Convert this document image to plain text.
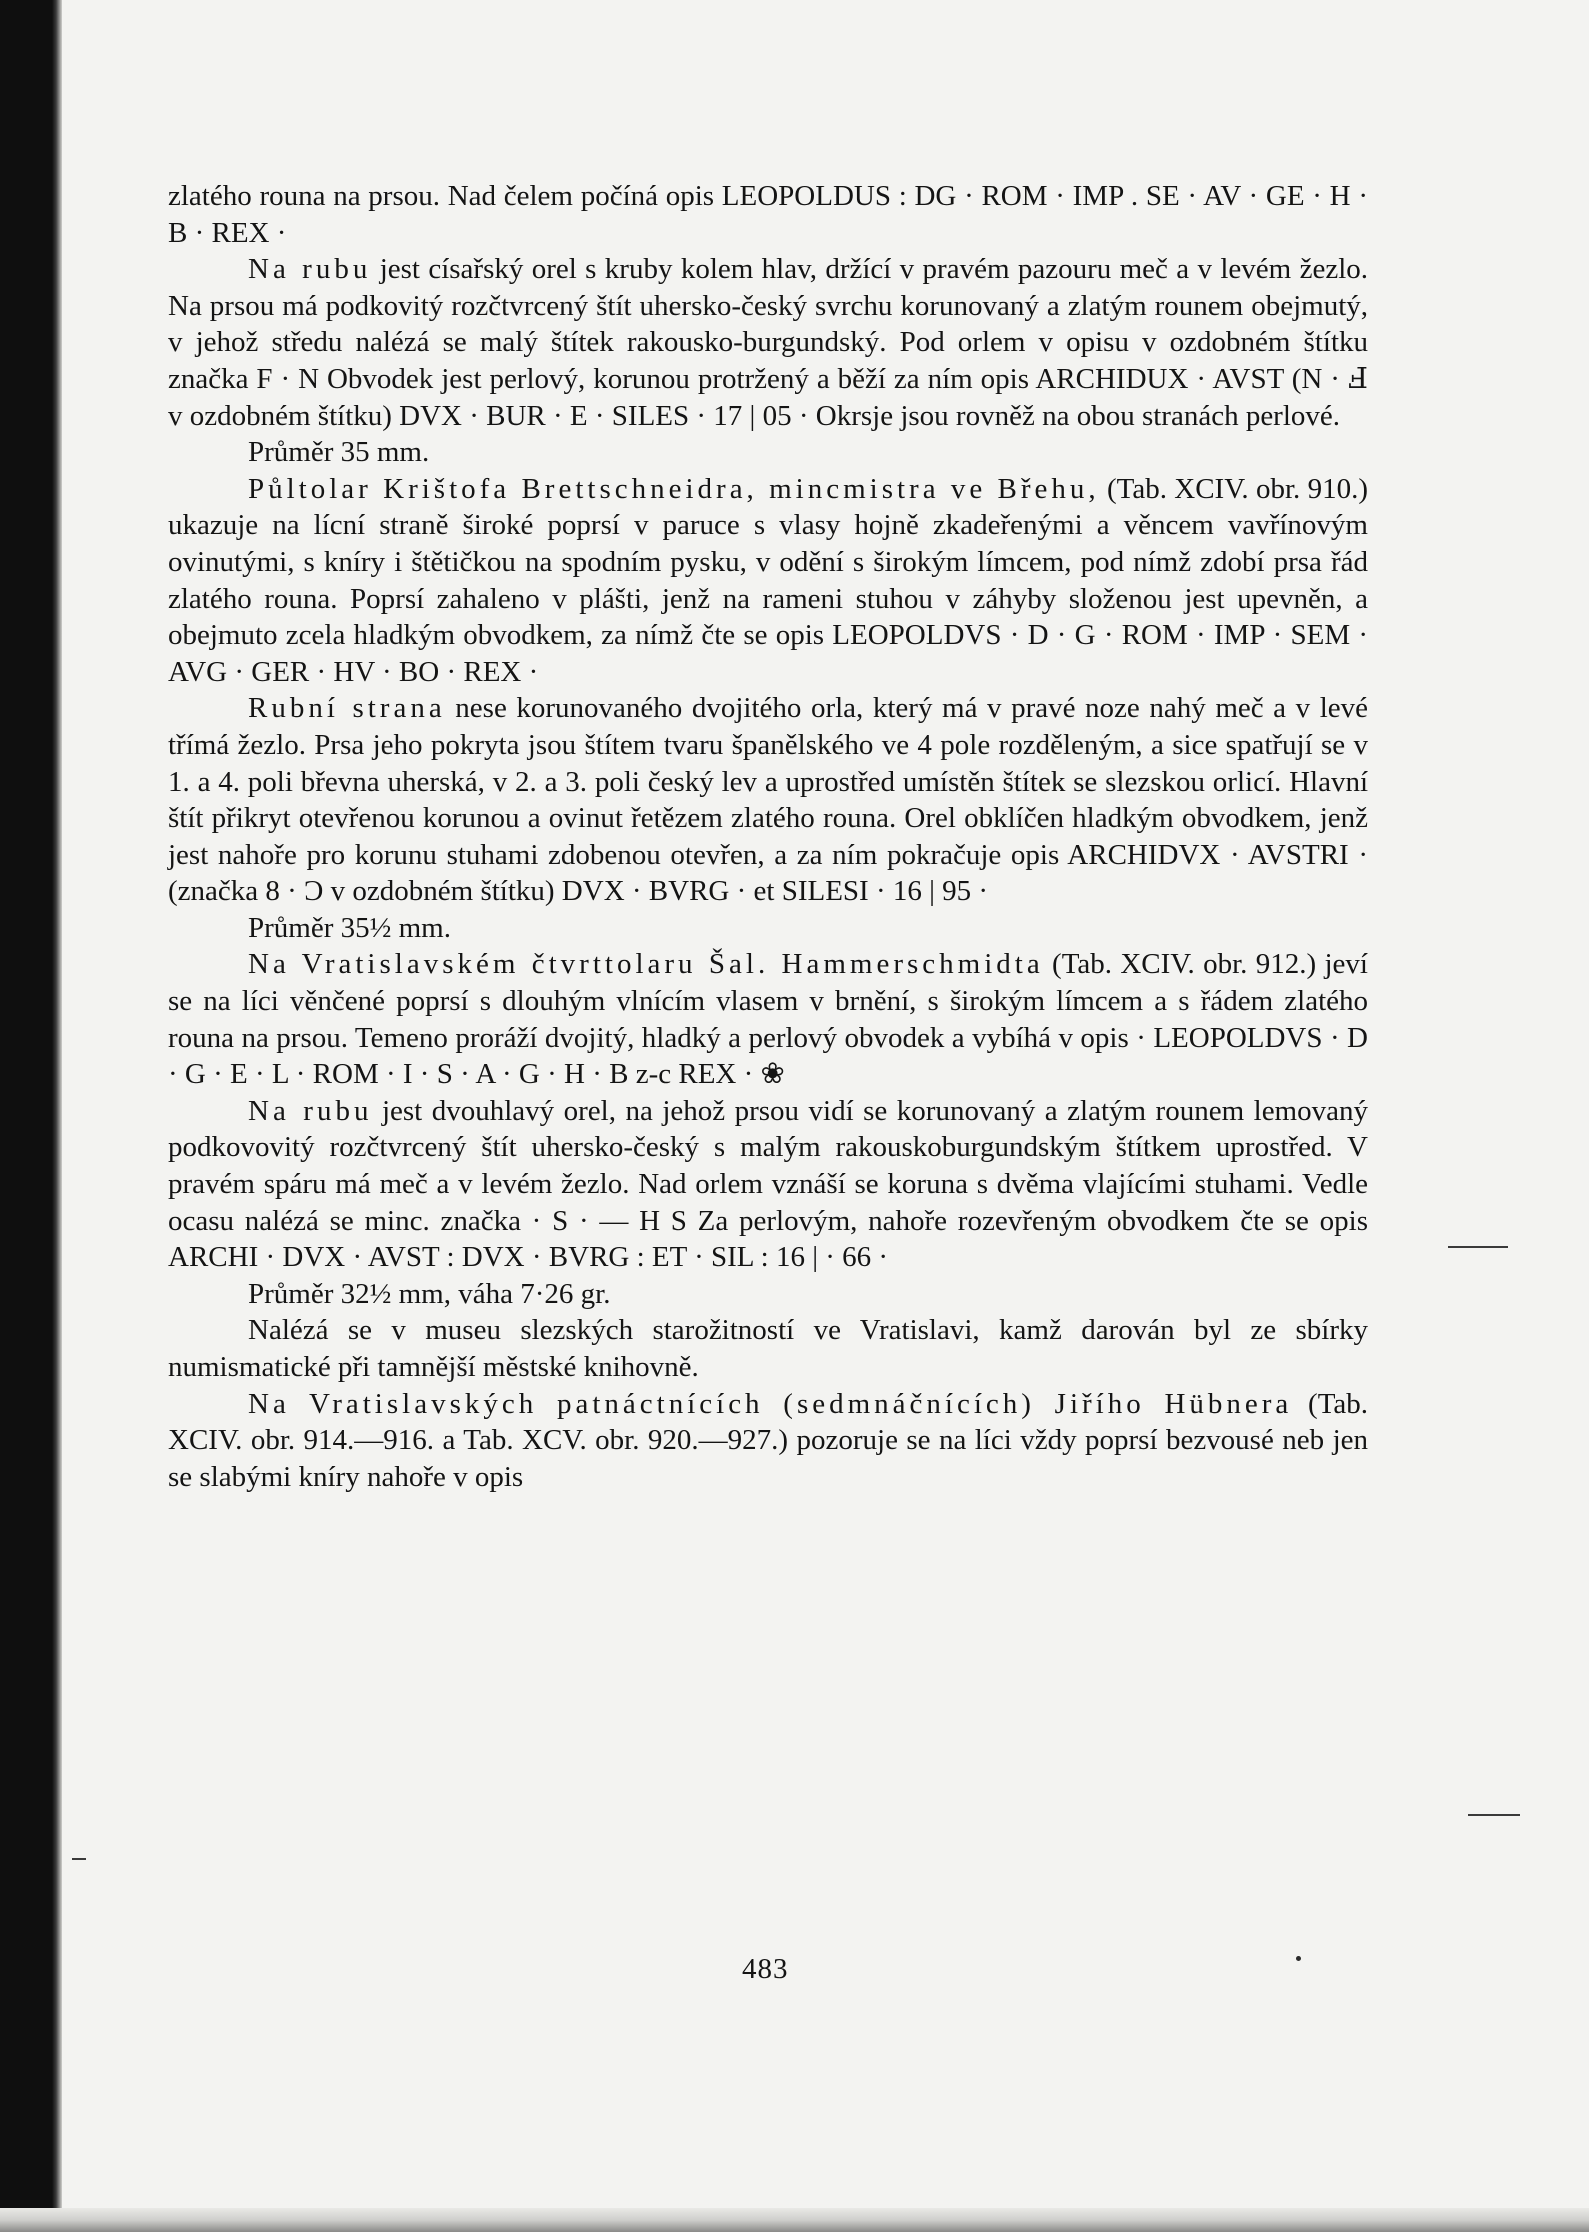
zlatého rouna na prsou. Nad čelem počíná opis LEOPOLDUS : DG · ROM · IMP . SE · AV · GE · H · B · REX ·

Na rubu jest císařský orel s kruby kolem hlav, držící v pravém pazouru meč a v levém žezlo. Na prsou má podkovitý rozčtvrcený štít uhersko-český svrchu korunovaný a zlatým rounem obejmutý, v jehož středu nalézá se malý štítek rakousko-burgundský. Pod orlem v opisu v ozdobném štítku značka F · N Obvodek jest perlový, korunou protržený a běží za ním opis ARCHIDUX · AVST (N · Ⅎ v ozdobném štítku) DVX · BUR · E · SILES · 17 | 05 · Okrsje jsou rovněž na obou stranách perlové.

Průměr 35 mm.

Půltolar Krištofa Brettschneidra, mincmistra ve Břehu, (Tab. XCIV. obr. 910.) ukazuje na lícní straně široké poprsí v paruce s vlasy hojně zkadeřenými a věncem vavřínovým ovinutými, s kníry i štětičkou na spodním pysku, v odění s širokým límcem, pod nímž zdobí prsa řád zlatého rouna. Poprsí zahaleno v plášti, jenž na rameni stuhou v záhyby složenou jest upevněn, a obejmuto zcela hladkým obvodkem, za nímž čte se opis LEOPOLDVS · D · G · ROM · IMP · SEM · AVG · GER · HV · BO · REX ·

Rubní strana nese korunovaného dvojitého orla, který má v pravé noze nahý meč a v levé třímá žezlo. Prsa jeho pokryta jsou štítem tvaru španělského ve 4 pole rozděleným, a sice spatřují se v 1. a 4. poli břevna uherská, v 2. a 3. poli český lev a uprostřed umístěn štítek se slezskou orlicí. Hlavní štít přikryt otevřenou korunou a ovinut řetězem zlatého rouna. Orel obklíčen hladkým obvodkem, jenž jest nahoře pro korunu stuhami zdobenou otevřen, a za ním pokračuje opis ARCHIDVX · AVSTRI · (značka 8 · Ɔ v ozdobném štítku) DVX · BVRG · et SILESI · 16 | 95 ·

Průměr 35½ mm.

Na Vratislavském čtvrttolaru Šal. Hammerschmidta (Tab. XCIV. obr. 912.) jeví se na líci věnčené poprsí s dlouhým vlnícím vlasem v brnění, s širokým límcem a s řádem zlatého rouna na prsou. Temeno proráží dvojitý, hladký a perlový obvodek a vybíhá v opis · LEOPOLDVS · D · G · E · L · ROM · I · S · A · G · H · B z-c REX · ❀

Na rubu jest dvouhlavý orel, na jehož prsou vidí se korunovaný a zlatým rounem lemovaný podkovovitý rozčtvrcený štít uhersko-český s malým rakouskoburgundským štítkem uprostřed. V pravém spáru má meč a v levém žezlo. Nad orlem vznáší se koruna s dvěma vlajícími stuhami. Vedle ocasu nalézá se minc. značka · S · — H S Za perlovým, nahoře rozevřeným obvodkem čte se opis ARCHI · DVX · AVST : DVX · BVRG : ET · SIL : 16 | · 66 ·

Průměr 32½ mm, váha 7·26 gr.

Nalézá se v museu slezských starožitností ve Vratislavi, kamž darován byl ze sbírky numismatické při tamnější městské knihovně.

Na Vratislavských patnáctnících (sedmnáčnících) Jiřího Hübnera (Tab. XCIV. obr. 914.—916. a Tab. XCV. obr. 920.—927.) pozoruje se na líci vždy poprsí bezvousé neb jen se slabými kníry nahoře v opis

483
